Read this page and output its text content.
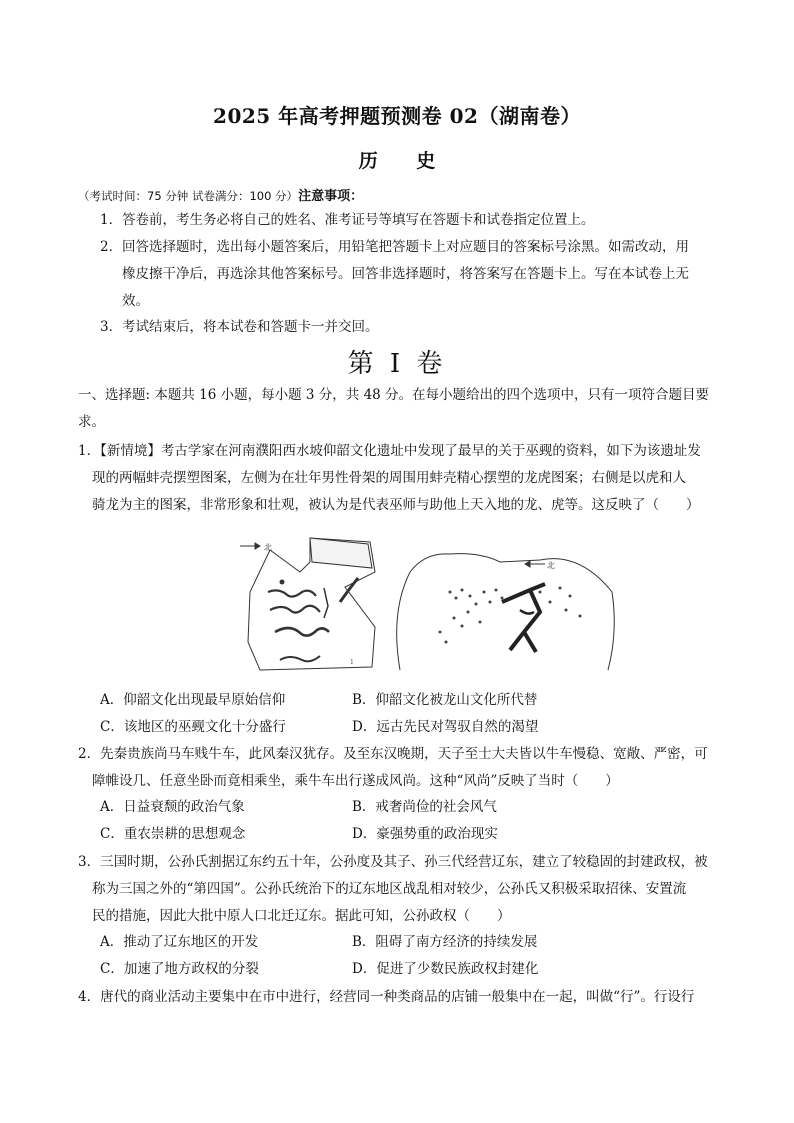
2025 年高考押题预测卷 02（湖南卷）
历 史
（考试时间：75 分钟 试卷满分：100 分）注意事项：
1．答卷前，考生务必将自己的姓名、准考证号等填写在答题卡和试卷指定位置上。
2．回答选择题时，选出每小题答案后，用铅笔把答题卡上对应题目的答案标号涂黑。如需改动，用
橡皮擦干净后，再选涂其他答案标号。回答非选择题时，将答案写在答题卡上。写在本试卷上无
效。
3．考试结束后，将本试卷和答题卡一并交回。
第 I 卷
一、选择题: 本题共 16 小题，每小题 3 分，共 48 分。在每小题给出的四个选项中，只有一项符合题目要
求。
1．【新情境】考古学家在河南濮阳西水坡仰韶文化遗址中发现了最早的关于巫觋的资料，如下为该遗址发
现的两幅蚌壳摆塑图案，左侧为在壮年男性骨架的周围用蚌壳精心摆塑的龙虎图案；右侧是以虎和人
骑龙为主的图案，非常形象和壮观，被认为是代表巫师与助他上天入地的龙、虎等。这反映了（　　）
北
1
北
A．仰韶文化出现最早原始信仰	B．仰韶文化被龙山文化所代替
C．该地区的巫觋文化十分盛行	D．远古先民对驾驭自然的渴望
2．先秦贵族尚马车贱牛车，此风秦汉犹存。及至东汉晚期，天子至士大夫皆以牛车慢稳、宽敞、严密，可
障帷设几、任意坐卧而竟相乘坐，乘牛车出行遂成风尚。这种“风尚”反映了当时（　　）
A．日益衰颓的政治气象	B．戒奢尚俭的社会风气
C．重农崇耕的思想观念	D．豪强势重的政治现实
3．三国时期，公孙氏割据辽东约五十年，公孙度及其子、孙三代经营辽东，建立了较稳固的封建政权，被
称为三国之外的“第四国”。公孙氏统治下的辽东地区战乱相对较少，公孙氏又积极采取招徕、安置流
民的措施，因此大批中原人口北迁辽东。据此可知，公孙政权（　　）
A．推动了辽东地区的开发	B．阻碍了南方经济的持续发展
C．加速了地方政权的分裂	D．促进了少数民族政权封建化
4．唐代的商业活动主要集中在市中进行，经营同一种类商品的店铺一般集中在一起，叫做“行”。行设行
